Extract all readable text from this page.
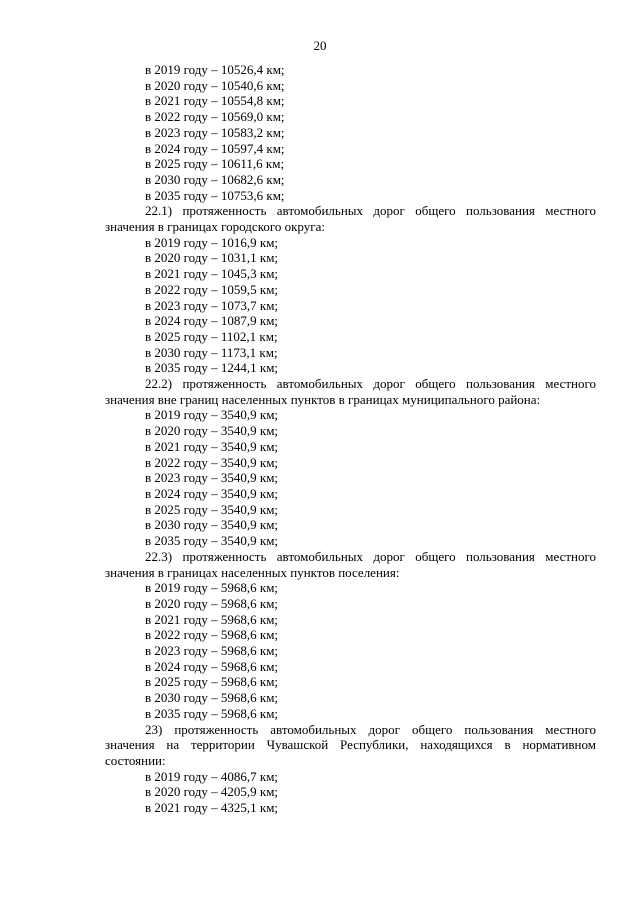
20

в 2019 году – 10526,4 км;

в 2020 году – 10540,6 км;

в 2021 году – 10554,8 км;

в 2022 году – 10569,0 км;

в 2023 году – 10583,2 км;

в 2024 году – 10597,4 км;

в 2025 году – 10611,6 км;

в 2030 году – 10682,6 км;

в 2035 году – 10753,6 км;

22.1) протяженность автомобильных дорог общего пользования местного значения в границах городского округа:

в 2019 году – 1016,9 км;

в 2020 году – 1031,1 км;

в 2021 году – 1045,3 км;

в 2022 году – 1059,5 км;

в 2023 году – 1073,7 км;

в 2024 году – 1087,9 км;

в 2025 году – 1102,1 км;

в 2030 году – 1173,1 км;

в 2035 году – 1244,1 км;

22.2) протяженность автомобильных дорог общего пользования местного значения вне границ населенных пунктов в границах муниципального района:

в 2019 году – 3540,9 км;

в 2020 году – 3540,9 км;

в 2021 году – 3540,9 км;

в 2022 году – 3540,9 км;

в 2023 году – 3540,9 км;

в 2024 году – 3540,9 км;

в 2025 году – 3540,9 км;

в 2030 году – 3540,9 км;

в 2035 году – 3540,9 км;

22.3) протяженность автомобильных дорог общего пользования местного значения в границах населенных пунктов поселения:

в 2019 году – 5968,6 км;

в 2020 году – 5968,6 км;

в 2021 году – 5968,6 км;

в 2022 году – 5968,6 км;

в 2023 году – 5968,6 км;

в 2024 году – 5968,6 км;

в 2025 году – 5968,6 км;

в 2030 году – 5968,6 км;

в 2035 году – 5968,6 км;

23) протяженность автомобильных дорог общего пользования местного значения на территории Чувашской Республики, находящихся в нормативном состоянии:

в 2019 году – 4086,7 км;

в 2020 году – 4205,9 км;

в 2021 году – 4325,1 км;
